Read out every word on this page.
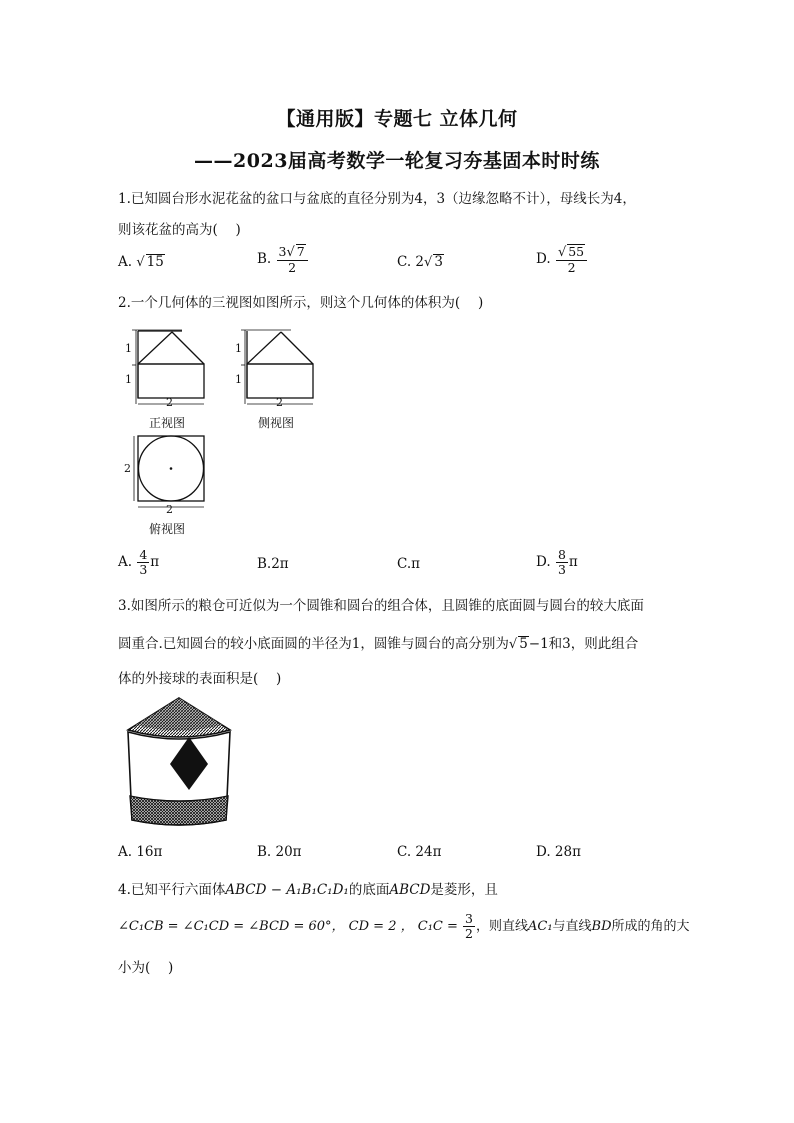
【通用版】专题七 立体几何
——2023届高考数学一轮复习夯基固本时时练
1.已知圆台形水泥花盆的盆口与盆底的直径分别为4，3（边缘忽略不计），母线长为4，
则该花盆的高为(　 )
A. √ 15	B. $\frac{3√ 7}{2}$	C. 2√ 3	D. $\frac{√ 55}{2}$
2.一个几何体的三视图如图所示，则这个几何体的体积为(　 )
1
1
2
正视图
1
1
2
侧视图
2
2
俯视图
A. $\frac{4}{3}$ π	B.2π	C.π	D. $\frac{8}{3}$ π
3.如图所示的粮仓可近似为一个圆锥和圆台的组合体，且圆锥的底面圆与圆台的较大底面
圆重合.已知圆台的较小底面圆的半径为1，圆锥与圆台的高分别为√ 5−1和3，则此组合
体的外接球的表面积是(　 )
A. 16π	B. 20π	C. 24π	D. 28π
4.已知平行六面体ABCD − A₁B₁C₁D₁的底面ABCD是菱形，且
∠C₁CB = ∠C₁CD = ∠BCD = 60°， CD = 2 ， $C_1C = \frac{3}{2}$ ，则直线AC₁与直线BD所成的角的大
小为(　 )
